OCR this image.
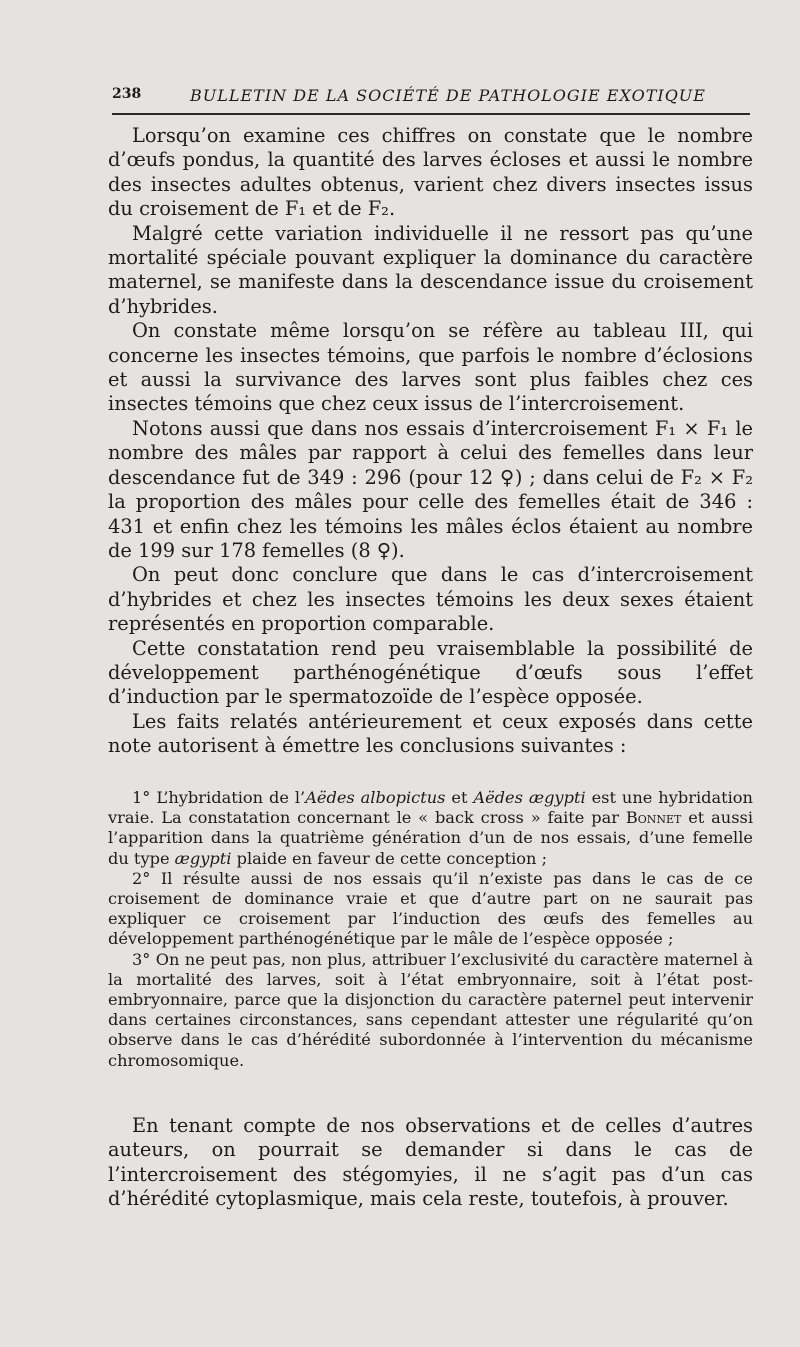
238	BULLETIN DE LA SOCIÉTÉ DE PATHOLOGIE EXOTIQUE

Lorsqu’on examine ces chiffres on constate que le nombre d’œufs pondus, la quantité des larves écloses et aussi le nombre des insectes adultes obtenus, varient chez divers insectes issus du croisement de F₁ et de F₂.

Malgré cette variation individuelle il ne ressort pas qu’une mortalité spéciale pouvant expliquer la dominance du caractère maternel, se manifeste dans la descendance issue du croisement d’hybrides.

On constate même lorsqu’on se réfère au tableau III, qui concerne les insectes témoins, que parfois le nombre d’éclosions et aussi la survivance des larves sont plus faibles chez ces insectes témoins que chez ceux issus de l’intercroisement.

Notons aussi que dans nos essais d’intercroisement F₁ × F₁ le nombre des mâles par rapport à celui des femelles dans leur descendance fut de 349 : 296 (pour 12 ♀) ; dans celui de F₂ × F₂ la proportion des mâles pour celle des femelles était de 346 : 431 et enfin chez les témoins les mâles éclos étaient au nombre de 199 sur 178 femelles (8 ♀).

On peut donc conclure que dans le cas d’intercroisement d’hybrides et chez les insectes témoins les deux sexes étaient représentés en proportion comparable.

Cette constatation rend peu vraisemblable la possibilité de développement parthénogénétique d’œufs sous l’effet d’induction par le spermatozoïde de l’espèce opposée.

Les faits relatés antérieurement et ceux exposés dans cette note autorisent à émettre les conclusions suivantes :

1° L’hybridation de l’Aëdes albopictus et Aëdes ægypti est une hybridation vraie. La constatation concernant le « back cross » faite par Bonnet et aussi l’apparition dans la quatrième génération d’un de nos essais, d’une femelle du type ægypti plaide en faveur de cette conception ;

2° Il résulte aussi de nos essais qu’il n’existe pas dans le cas de ce croisement de dominance vraie et que d’autre part on ne saurait pas expliquer ce croisement par l’induction des œufs des femelles au développement parthénogénétique par le mâle de l’espèce opposée ;

3° On ne peut pas, non plus, attribuer l’exclusivité du caractère maternel à la mortalité des larves, soit à l’état embryonnaire, soit à l’état post-embryonnaire, parce que la disjonction du caractère paternel peut intervenir dans certaines circonstances, sans cependant attester une régularité qu’on observe dans le cas d’hérédité subordonnée à l’intervention du mécanisme chromosomique.

En tenant compte de nos observations et de celles d’autres auteurs, on pourrait se demander si dans le cas de l’intercroisement des stégomyies, il ne s’agit pas d’un cas d’hérédité cytoplasmique, mais cela reste, toutefois, à prouver.
